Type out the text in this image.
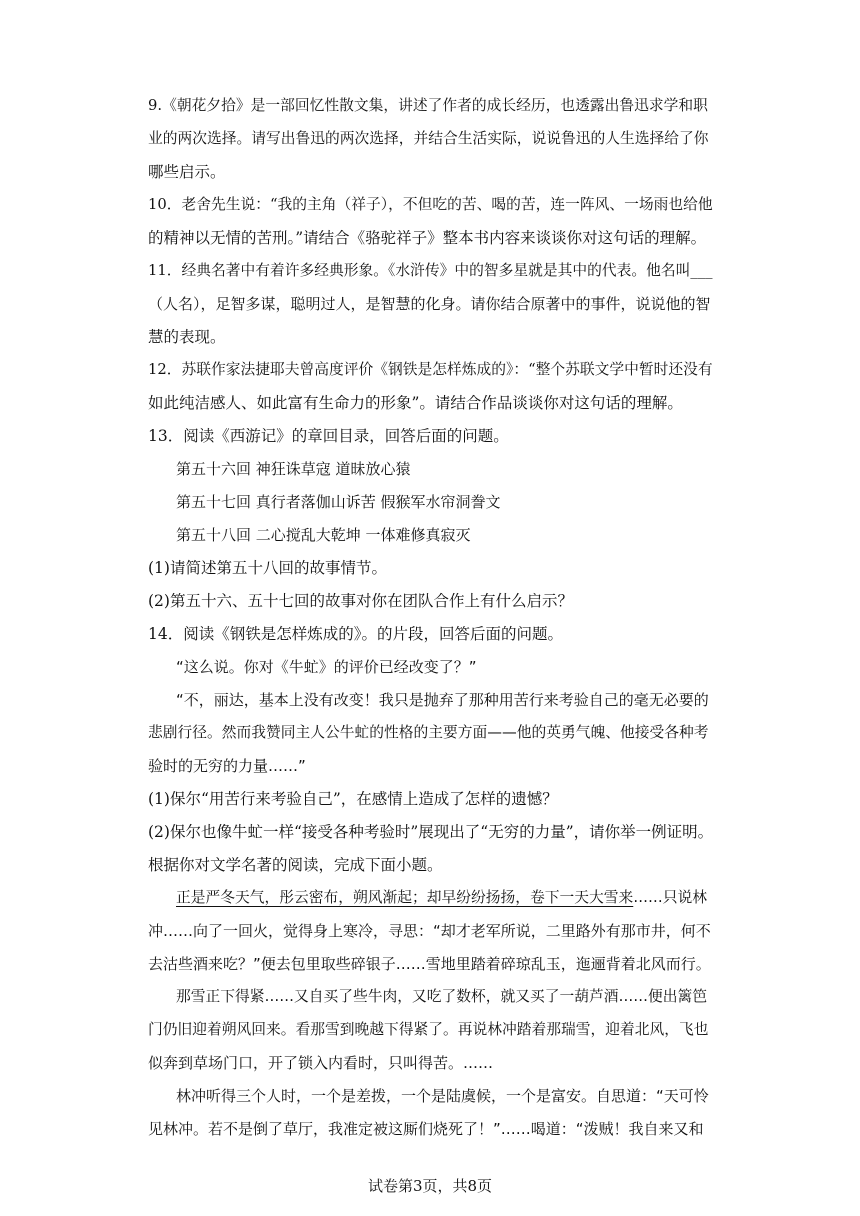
9.《朝花夕拾》是一部回忆性散文集，讲述了作者的成长经历，也透露出鲁迅求学和职
业的两次选择。请写出鲁迅的两次选择，并结合生活实际，说说鲁迅的人生选择给了你
哪些启示。
10．老舍先生说：“我的主角（祥子），不但吃的苦、喝的苦，连一阵风、一场雨也给他
的精神以无情的苦刑。”请结合《骆驼祥子》整本书内容来谈谈你对这句话的理解。
11．经典名著中有着许多经典形象。《水浒传》中的智多星就是其中的代表。他名叫___
（人名），足智多谋，聪明过人，是智慧的化身。请你结合原著中的事件，说说他的智
慧的表现。
12．苏联作家法捷耶夫曾高度评价《钢铁是怎样炼成的》：“整个苏联文学中暂时还没有
如此纯洁感人、如此富有生命力的形象”。请结合作品谈谈你对这句话的理解。
13．阅读《西游记》的章回目录，回答后面的问题。
第五十六回 神狂诛草寇 道昧放心猿
第五十七回 真行者落伽山诉苦 假猴军水帘洞誊文
第五十八回 二心搅乱大乾坤 一体难修真寂灭
(1)请简述第五十八回的故事情节。
(2)第五十六、五十七回的故事对你在团队合作上有什么启示？
14．阅读《钢铁是怎样炼成的》。的片段，回答后面的问题。
“这么说。你对《牛虻》的评价已经改变了？”
“不，丽达，基本上没有改变！我只是抛弃了那种用苦行来考验自己的毫无必要的
悲剧行径。然而我赞同主人公牛虻的性格的主要方面——他的英勇气魄、他接受各种考
验时的无穷的力量……”
(1)保尔“用苦行来考验自己”，在感情上造成了怎样的遗憾？
(2)保尔也像牛虻一样“接受各种考验时”展现出了“无穷的力量”，请你举一例证明。
根据你对文学名著的阅读，完成下面小题。
正是严冬天气，彤云密布，朔风渐起；却早纷纷扬扬，卷下一天大雪来……只说林
冲……向了一回火，觉得身上寒冷，寻思：“却才老军所说，二里路外有那市井，何不
去沽些酒来吃？”便去包里取些碎银子……雪地里踏着碎琼乱玉，迤逦背着北风而行。
那雪正下得紧……又自买了些牛肉，又吃了数杯，就又买了一葫芦酒……便出篱笆
门仍旧迎着朔风回来。看那雪到晚越下得紧了。再说林冲踏着那瑞雪，迎着北风，飞也
似奔到草场门口，开了锁入内看时，只叫得苦。……
林冲听得三个人时，一个是差拨，一个是陆虞候，一个是富安。自思道：“天可怜
见林冲。若不是倒了草厅，我准定被这厮们烧死了！”……喝道：“泼贼！我自来又和
试卷第3页，共8页
